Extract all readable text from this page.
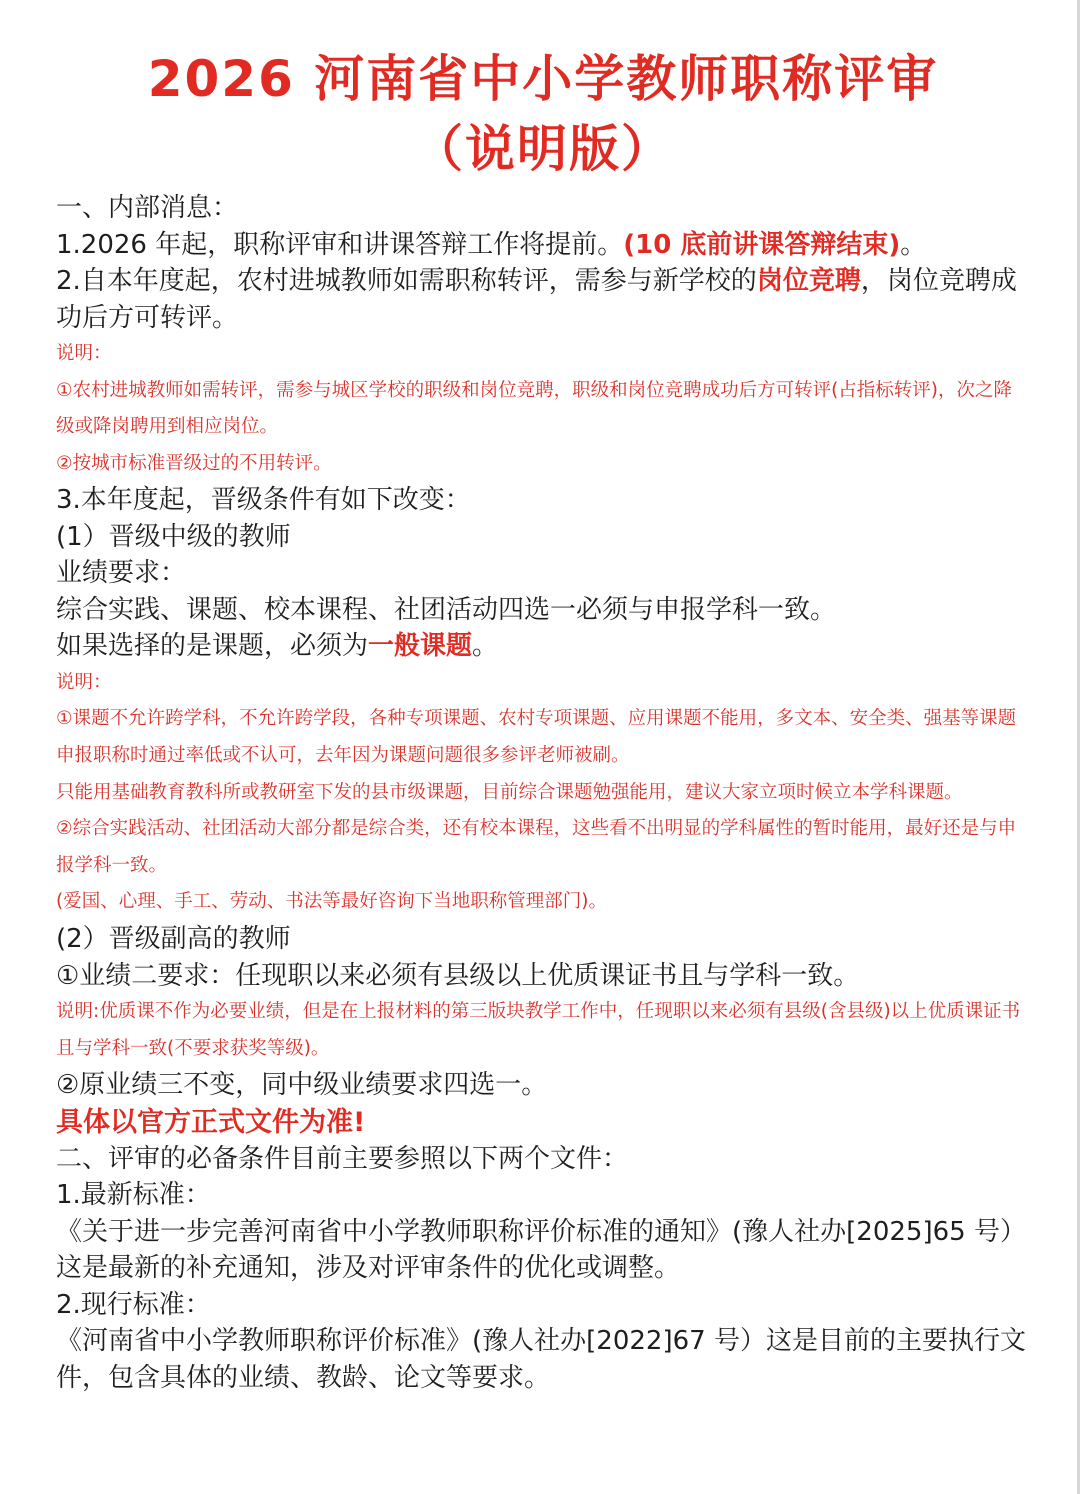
2026 河南省中小学教师职称评审
（说明版）

一、内部消息：

1.2026 年起，职称评审和讲课答辩工作将提前。(10 底前讲课答辩结束)。

2.自本年度起，农村进城教师如需职称转评，需参与新学校的岗位竞聘，岗位竞聘成功后方可转评。

说明：

①农村进城教师如需转评，需参与城区学校的职级和岗位竞聘，职级和岗位竞聘成功后方可转评(占指标转评)，次之降级或降岗聘用到相应岗位。

②按城市标准晋级过的不用转评。

3.本年度起，晋级条件有如下改变：

(1）晋级中级的教师

业绩要求：

综合实践、课题、校本课程、社团活动四选一必须与申报学科一致。

如果选择的是课题，必须为一般课题。

说明：

①课题不允许跨学科，不允许跨学段，各种专项课题、农村专项课题、应用课题不能用，多文本、安全类、强基等课题申报职称时通过率低或不认可，去年因为课题问题很多参评老师被刷。

只能用基础教育教科所或教研室下发的县市级课题，目前综合课题勉强能用，建议大家立项时候立本学科课题。

②综合实践活动、社团活动大部分都是综合类，还有校本课程，这些看不出明显的学科属性的暂时能用，最好还是与申报学科一致。

(爱国、心理、手工、劳动、书法等最好咨询下当地职称管理部门)。

(2）晋级副高的教师

①业绩二要求：任现职以来必须有县级以上优质课证书且与学科一致。

说明:优质课不作为必要业绩，但是在上报材料的第三版块教学工作中，任现职以来必须有县级(含县级)以上优质课证书且与学科一致(不要求获奖等级)。

②原业绩三不变，同中级业绩要求四选一。

具体以官方正式文件为准!

二、评审的必备条件目前主要参照以下两个文件：

1.最新标准：

《关于进一步完善河南省中小学教师职称评价标准的通知》(豫人社办[2025]65 号）这是最新的补充通知，涉及对评审条件的优化或调整。

2.现行标准：

《河南省中小学教师职称评价标准》(豫人社办[2022]67 号）这是目前的主要执行文件，包含具体的业绩、教龄、论文等要求。
